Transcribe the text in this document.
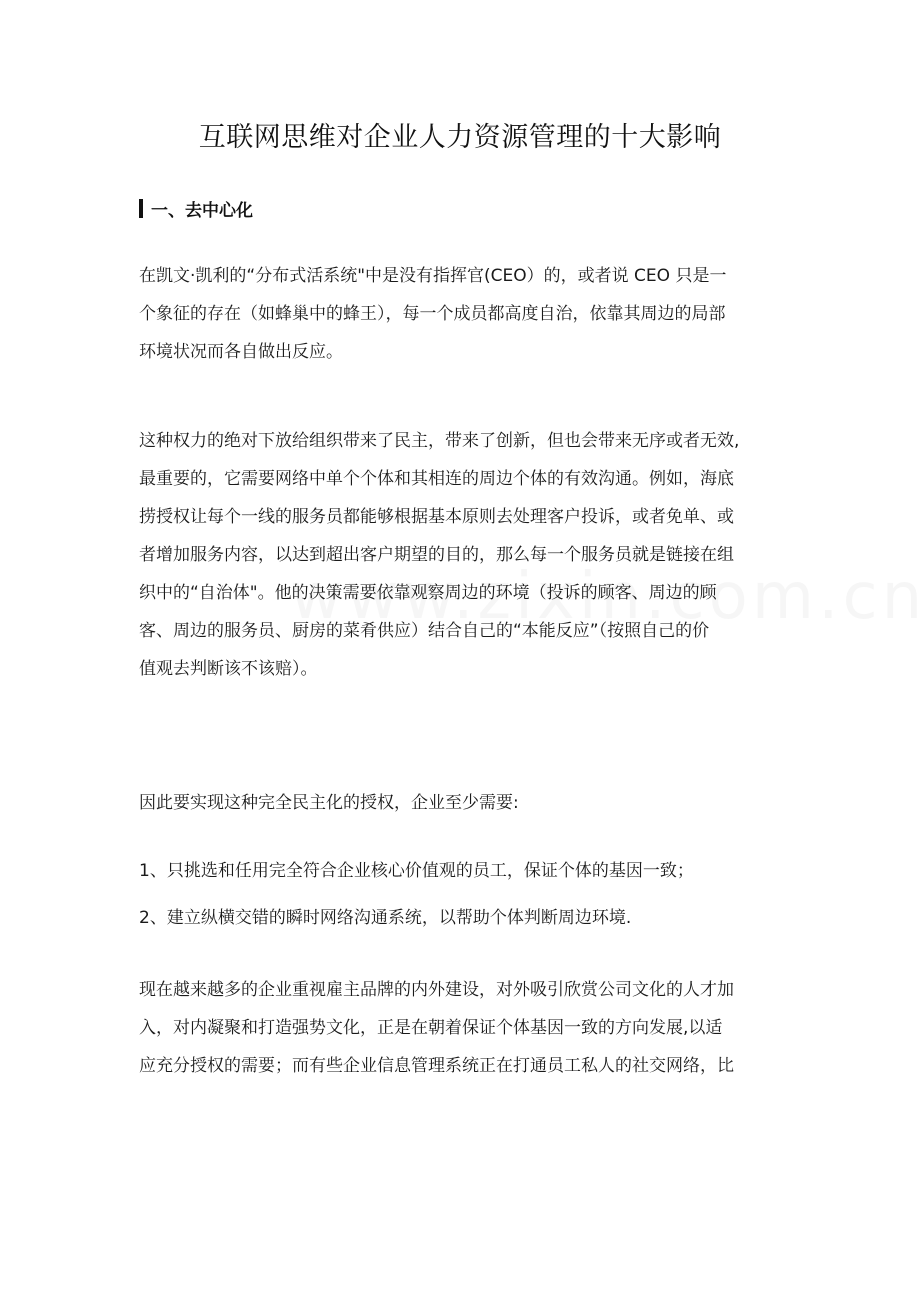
互联网思维对企业人力资源管理的十大影响
一、去中心化

在凯文·凯利的“分布式活系统"中是没有指挥官(CEO）的，或者说 CEO 只是一
个象征的存在（如蜂巢中的蜂王），每一个成员都高度自治，依靠其周边的局部
环境状况而各自做出反应。

这种权力的绝对下放给组织带来了民主，带来了创新，但也会带来无序或者无效,
最重要的，它需要网络中单个个体和其相连的周边个体的有效沟通。例如，海底
捞授权让每个一线的服务员都能够根据基本原则去处理客户投诉，或者免单、或
者增加服务内容，以达到超出客户期望的目的，那么每一个服务员就是链接在组
织中的“自治体"。他的决策需要依靠观察周边的环境（投诉的顾客、周边的顾
客、周边的服务员、厨房的菜肴供应）结合自己的“本能反应”（按照自己的价
值观去判断该不该赔）。

因此要实现这种完全民主化的授权，企业至少需要:

1、只挑选和任用完全符合企业核心价值观的员工，保证个体的基因一致；

2、建立纵横交错的瞬时网络沟通系统，以帮助个体判断周边环境.

现在越来越多的企业重视雇主品牌的内外建设，对外吸引欣赏公司文化的人才加
入，对内凝聚和打造强势文化，正是在朝着保证个体基因一致的方向发展,以适
应充分授权的需要；而有些企业信息管理系统正在打通员工私人的社交网络，比
